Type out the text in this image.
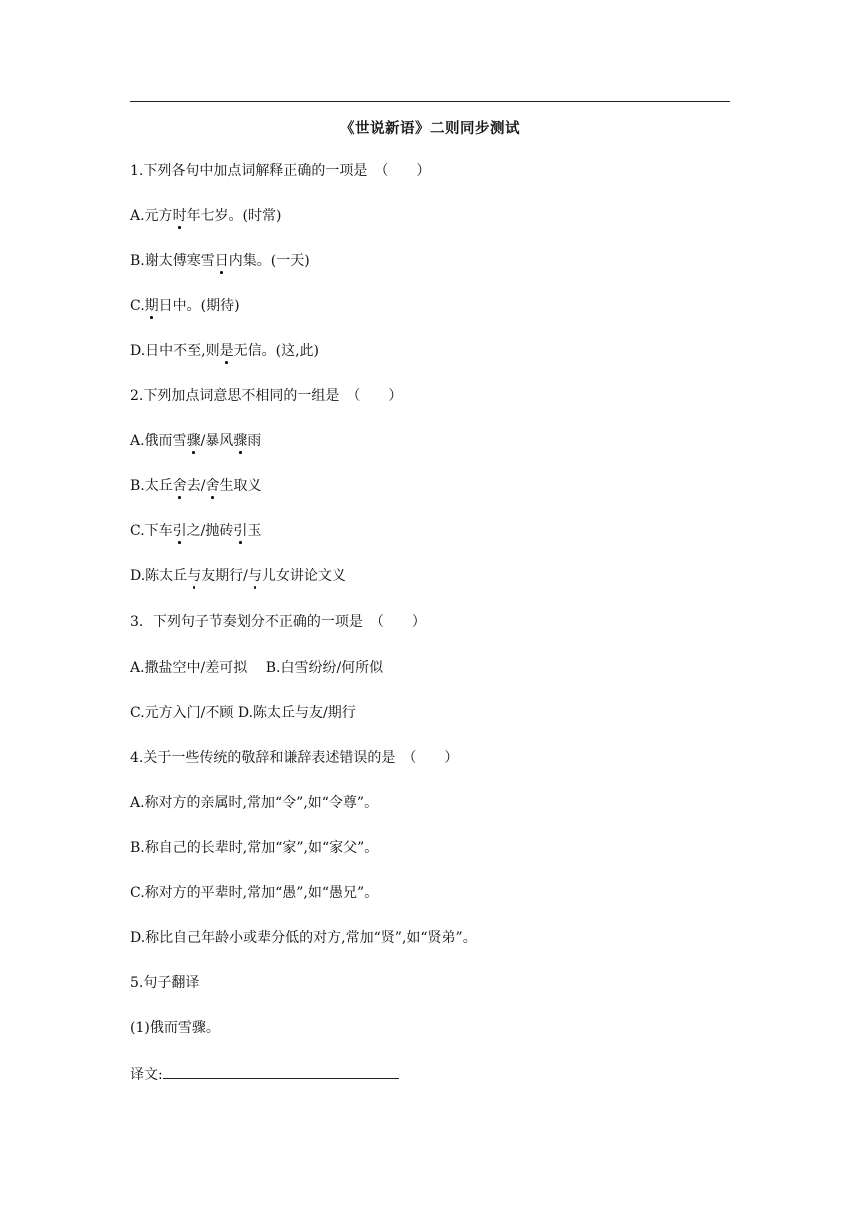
《世说新语》二则同步测试
1.下列各句中加点词解释正确的一项是　（　　）
A.元方时年七岁。(时常)
B.谢太傅寒雪日内集。(一天)
C.期日中。(期待)
D.日中不至,则是无信。(这,此)
2.下列加点词意思不相同的一组是　（　　）
A.俄而雪骤/暴风骤雨
B.太丘舍去/舍生取义
C.下车引之/抛砖引玉
D.陈太丘与友期行/与儿女讲论文义
3．下列句子节奏划分不正确的一项是　（　　）
A.撒盐空中/差可拟　 B.白雪纷纷/何所似
C.元方入门/不顾 D.陈太丘与友/期行
4.关于一些传统的敬辞和谦辞表述错误的是　（　　）
A.称对方的亲属时,常加“令”,如“令尊”。
B.称自己的长辈时,常加“家”,如“家父”。
C.称对方的平辈时,常加“愚”,如“愚兄”。
D.称比自己年龄小或辈分低的对方,常加“贤”,如“贤弟”。
5.句子翻译
(1)俄而雪骤。
译文:
